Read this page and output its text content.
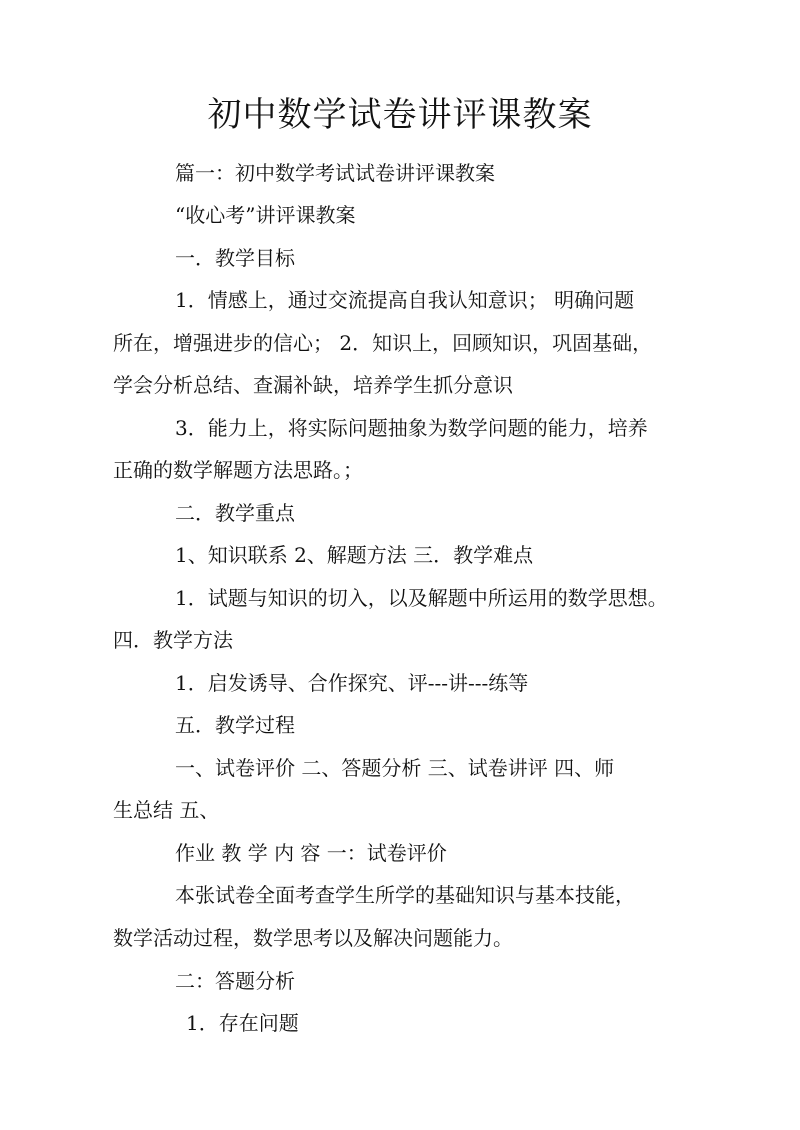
初中数学试卷讲评课教案
篇一：初中数学考试试卷讲评课教案
“收心考”讲评课教案
一．教学目标
1．情感上，通过交流提高自我认知意识； 明确问题
所在，增强进步的信心； 2．知识上，回顾知识，巩固基础，
学会分析总结、查漏补缺，培养学生抓分意识
3．能力上，将实际问题抽象为数学问题的能力，培养
正确的数学解题方法思路。；
二．教学重点
1、知识联系 2、解题方法 三．教学难点
1．试题与知识的切入，以及解题中所运用的数学思想。
四．教学方法
1．启发诱导、合作探究、评---讲---练等
五．教学过程
一、试卷评价 二、答题分析 三、试卷讲评 四、师
生总结 五、
作业 教 学 内 容 一：试卷评价
本张试卷全面考查学生所学的基础知识与基本技能，
数学活动过程，数学思考以及解决问题能力。
二：答题分析
1．存在问题
